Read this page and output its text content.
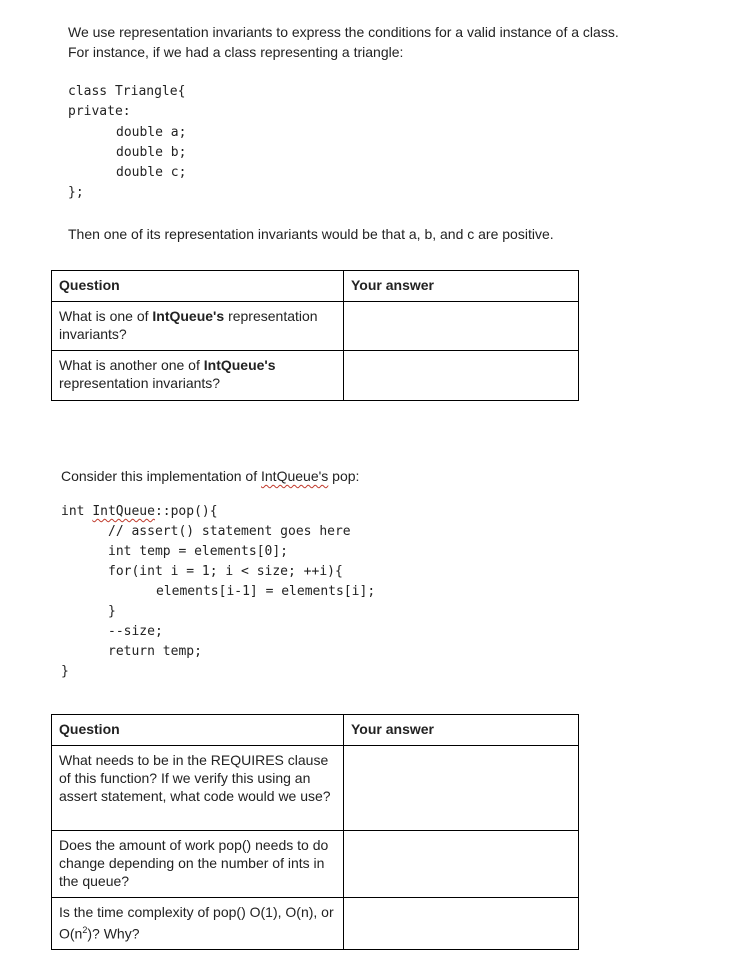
We use representation invariants to express the conditions for a valid instance of a class.
For instance, if we had a class representing a triangle:
class Triangle{
private:
double a;
double b;
double c;
};
Then one of its representation invariants would be that a, b, and c are positive.
Question	Your answer
What is one of IntQueue's representation invariants?	
What is another one of IntQueue's representation invariants?	
Consider this implementation of IntQueue's pop:
int IntQueue::pop(){
// assert() statement goes here
int temp = elements[0];
for(int i = 1; i < size; ++i){
elements[i-1] = elements[i];
}
--size;
return temp;
}
Question	Your answer
What needs to be in the REQUIRES clause of this function? If we verify this using an assert statement, what code would we use?	
Does the amount of work pop() needs to do change depending on the number of ints in the queue?	
Is the time complexity of pop() O(1), O(n), or $O(n^2)$? Why?	
